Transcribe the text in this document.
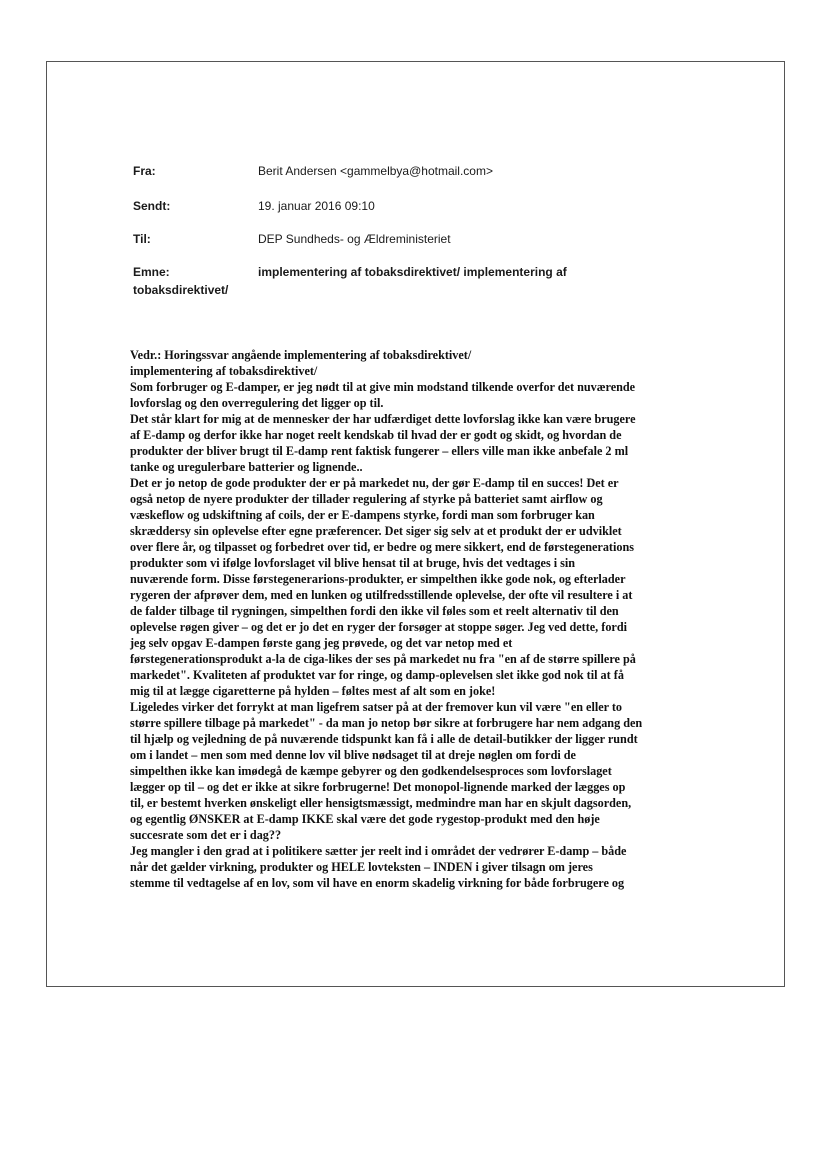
Fra:	Berit Andersen <gammelbya@hotmail.com>
Sendt:	19. januar 2016 09:10
Til:	DEP Sundheds- og Ældreministeriet
Emne:	implementering af tobaksdirektivet/ implementering af
tobaksdirektivet/

Vedr.: Horingssvar angående implementering af tobaksdirektivet/

implementering af tobaksdirektivet/

Som forbruger og E-damper, er jeg nødt til at give min modstand tilkende overfor det nuværende

lovforslag og den overregulering det ligger op til.

Det står klart for mig at de mennesker der har udfærdiget dette lovforslag ikke kan være brugere

af E-damp og derfor ikke har noget reelt kendskab til hvad der er godt og skidt, og hvordan de

produkter der bliver brugt til E-damp rent faktisk fungerer – ellers ville man ikke anbefale 2 ml

tanke og uregulerbare batterier og lignende..

Det er jo netop de gode produkter der er på markedet nu, der gør E-damp til en succes! Det er

også netop de nyere produkter der tillader regulering af styrke på batteriet samt airflow og

væskeflow og udskiftning af coils, der er E-dampens styrke, fordi man som forbruger kan

skræddersy sin oplevelse efter egne præferencer. Det siger sig selv at et produkt der er udviklet

over flere år, og tilpasset og forbedret over tid, er bedre og mere sikkert, end de førstegenerations

produkter som vi ifølge lovforslaget vil blive hensat til at bruge, hvis det vedtages i sin

nuværende form. Disse førstegenerarions-produkter, er simpelthen ikke gode nok, og efterlader

rygeren der afprøver dem, med en lunken og utilfredsstillende oplevelse, der ofte vil resultere i at

de falder tilbage til rygningen, simpelthen fordi den ikke vil føles som et reelt alternativ til den

oplevelse røgen giver – og det er jo det en ryger der forsøger at stoppe søger. Jeg ved dette, fordi

jeg selv opgav E-dampen første gang jeg prøvede, og det var netop med et

førstegenerationsprodukt a-la de ciga-likes der ses på markedet nu fra "en af de større spillere på

markedet". Kvaliteten af produktet var for ringe, og damp-oplevelsen slet ikke god nok til at få

mig til at lægge cigaretterne på hylden – føltes mest af alt som en joke!

Ligeledes virker det forrykt at man ligefrem satser på at der fremover kun vil være "en eller to

større spillere tilbage på markedet" - da man jo netop bør sikre at forbrugere har nem adgang den

til hjælp og vejledning de på nuværende tidspunkt kan få i alle de detail-butikker der ligger rundt

om i landet – men som med denne lov vil blive nødsaget til at dreje nøglen om fordi de

simpelthen ikke kan imødegå de kæmpe gebyrer og den godkendelsesproces som lovforslaget

lægger op til – og det er ikke at sikre forbrugerne! Det monopol-lignende marked der lægges op

til, er bestemt hverken ønskeligt eller hensigtsmæssigt, medmindre man har en skjult dagsorden,

og egentlig ØNSKER at E-damp IKKE skal være det gode rygestop-produkt med den høje

succesrate som det er i dag??

Jeg mangler i den grad at i politikere sætter jer reelt ind i området der vedrører E-damp – både

når det gælder virkning, produkter og HELE lovteksten – INDEN i giver tilsagn om jeres

stemme til vedtagelse af en lov, som vil have en enorm skadelig virkning for både forbrugere og
